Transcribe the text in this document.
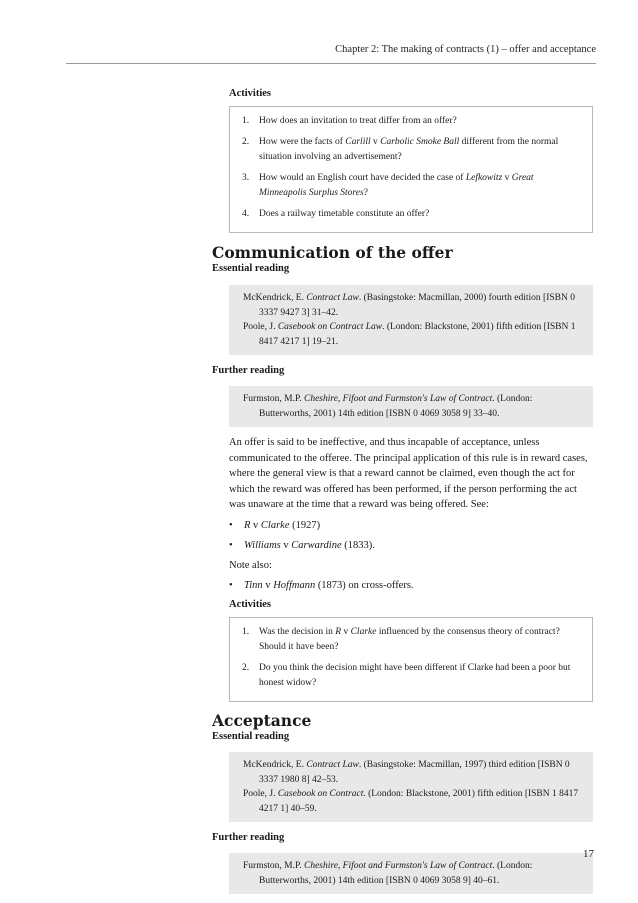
Chapter 2: The making of contracts (1) – offer and acceptance
Activities
1.	How does an invitation to treat differ from an offer?
2.	How were the facts of Carlill v Carbolic Smoke Ball different from the normal situation involving an advertisement?
3.	How would an English court have decided the case of Lefkowitz v Great Minneapolis Surplus Stores?
4.	Does a railway timetable constitute an offer?
Communication of the offer
Essential reading

McKendrick, E. Contract Law. (Basingstoke: Macmillan, 2000) fourth edition [ISBN 0 3337 9427 3] 31–42.

Poole, J. Casebook on Contract Law. (London: Blackstone, 2001) fifth edition [ISBN 1 8417 4217 1] 19–21.

Further reading

Furmston, M.P. Cheshire, Fifoot and Furmston's Law of Contract. (London: Butterworths, 2001) 14th edition [ISBN 0 4069 3058 9] 33–40.

An offer is said to be ineffective, and thus incapable of acceptance, unless communicated to the offeree. The principal application of this rule is in reward cases, where the general view is that a reward cannot be claimed, even though the act for which the reward was offered has been performed, if the person performing the act was unaware at the time that a reward was being offered. See:

•	R v Clarke (1927)
•	Williams v Carwardine (1833).

Note also:

•	Tinn v Hoffmann (1873) on cross-offers.
Activities
1.	Was the decision in R v Clarke influenced by the consensus theory of contract? Should it have been?
2.	Do you think the decision might have been different if Clarke had been a poor but honest widow?
Acceptance
Essential reading

McKendrick, E. Contract Law. (Basingstoke: Macmillan, 1997) third edition [ISBN 0 3337 1980 8] 42–53.

Poole, J. Casebook on Contract. (London: Blackstone, 2001) fifth edition [ISBN 1 8417 4217 1] 40–59.

Further reading

Furmston, M.P. Cheshire, Fifoot and Furmston's Law of Contract. (London: Butterworths, 2001) 14th edition [ISBN 0 4069 3058 9] 40–61.

17
